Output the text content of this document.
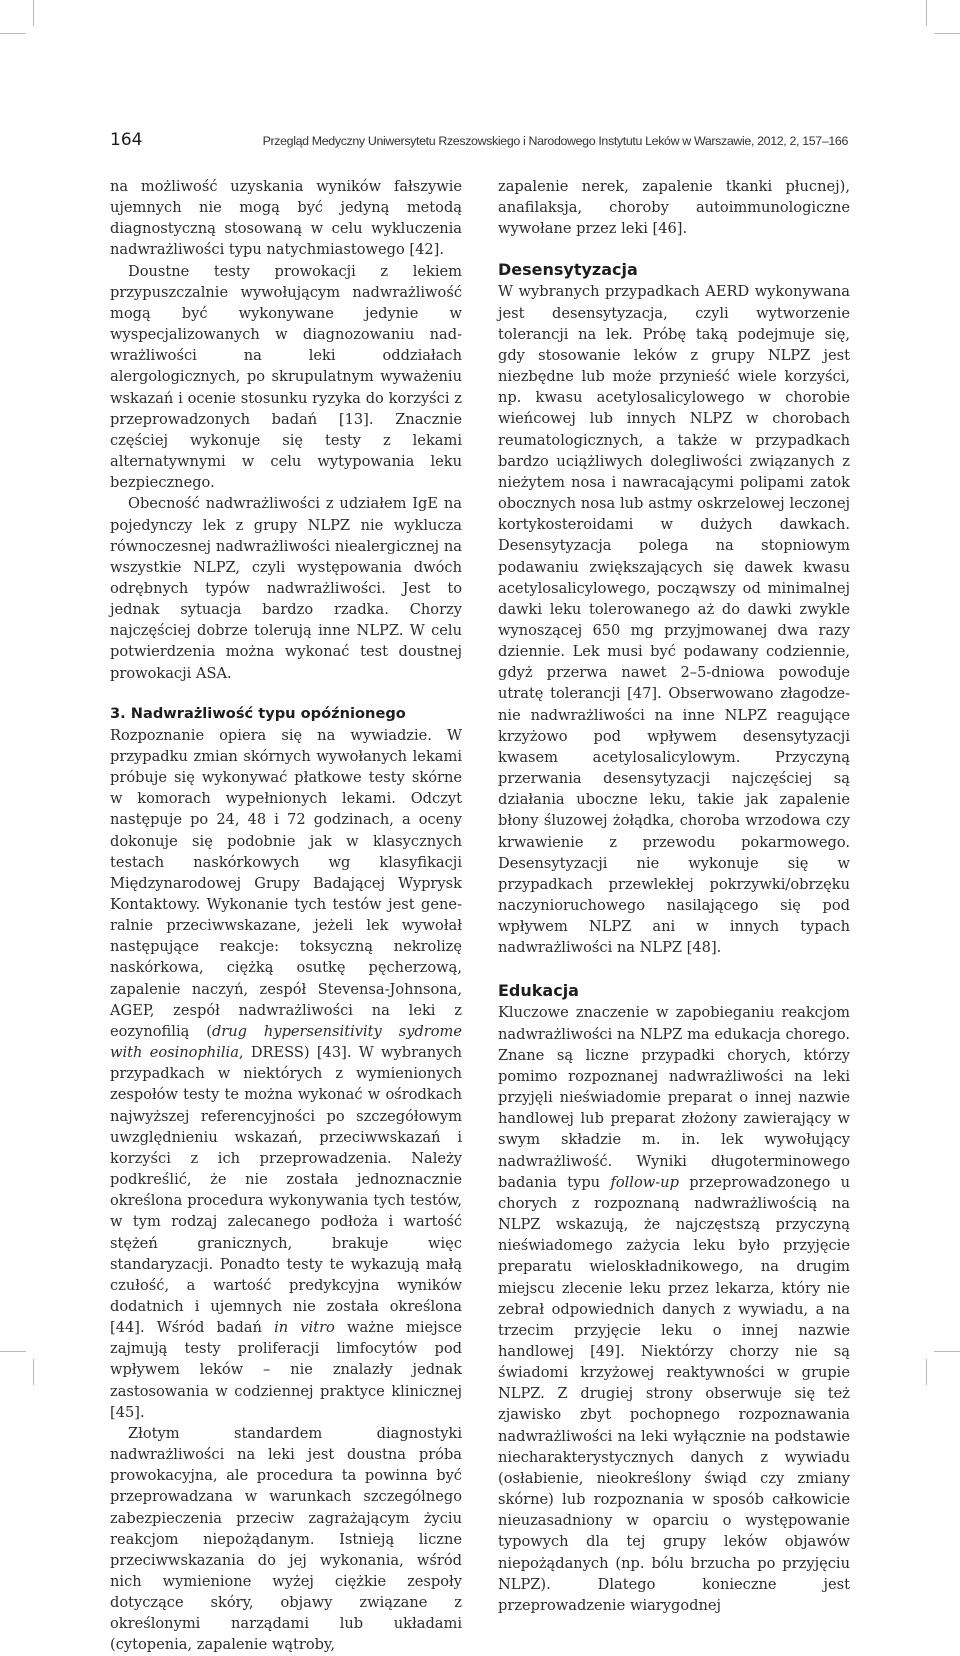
164	Przegląd Medyczny Uniwersytetu Rzeszowskiego i Narodowego Instytutu Leków w Warszawie, 2012, 2, 157–166

na możliwość uzyskania wyników fałszywie ujemnych nie mogą być jedyną metodą diagnostyczną stosowaną w celu wykluczenia nadwrażliwości typu natychmiastowego [42].

Doustne testy prowokacji z lekiem przypuszczalnie wywołującym nadwrażliwość mogą być wykonywane jedynie w wyspecjalizowanych w diagnozowaniu nadwrażliwości na leki oddziałach alergologicznych, po skrupulatnym wyważeniu wskazań i ocenie stosunku ryzyka do korzyści z przeprowadzonych badań [13]. Znacznie częściej wykonuje się testy z lekami alternatywnymi w celu wytypowania leku bezpiecznego.

Obecność nadwrażliwości z udziałem IgE na pojedynczy lek z grupy NLPZ nie wyklucza równoczesnej nadwrażliwości niealergicznej na wszystkie NLPZ, czyli występowania dwóch odrębnych typów nadwrażliwości. Jest to jednak sytuacja bardzo rzadka. Chorzy najczęściej dobrze tolerują inne NLPZ. W celu potwierdzenia można wykonać test doustnej prowokacji ASA.

3. Nadwrażliwość typu opóźnionego

Rozpoznanie opiera się na wywiadzie. W przypadku zmian skórnych wywołanych lekami próbuje się wykonywać płatkowe testy skórne w komorach wypełnionych lekami. Odczyt następuje po 24, 48 i 72 godzinach, a oceny dokonuje się podobnie jak w klasycznych testach naskórkowych wg klasyfikacji Międzynarodowej Grupy Badającej Wyprysk Kontaktowy. Wykonanie tych testów jest generalnie przeciwwskazane, jeżeli lek wywołał następujące reakcje: toksyczną nekrolizę naskórkowa, ciężką osutkę pęcherzową, zapalenie naczyń, zespół Stevensa-Johnsona, AGEP, zespół nadwrażliwości na leki z eozynofilią (drug hypersensitivity sydrome with eosinophilia, DRESS) [43]. W wybranych przypadkach w niektórych z wymienionych zespołów testy te można wykonać w ośrodkach najwyższej referencyjności po szczegółowym uwzględnieniu wskazań, przeciwwskazań i korzyści z ich przeprowadzenia. Należy podkreślić, że nie została jednoznacznie określona procedura wykonywania tych testów, w tym rodzaj zalecanego podłoża i wartość stężeń granicznych, brakuje więc standaryzacji. Ponadto testy te wykazują małą czułość, a wartość predykcyjna wyników dodatnich i ujemnych nie została określona [44]. Wśród badań in vitro ważne miejsce zajmują testy proliferacji limfocytów pod wpływem leków – nie znalazły jednak zastosowania w codziennej praktyce klinicznej [45].

Złotym standardem diagnostyki nadwrażliwości na leki jest doustna próba prowokacyjna, ale procedura ta powinna być przeprowadzana w warunkach szczególnego zabezpieczenia przeciw zagrażającym życiu reakcjom niepożądanym. Istnieją liczne przeciwwskazania do jej wykonania, wśród nich wymienione wyżej ciężkie zespoły dotyczące skóry, objawy związane z określonymi narządami lub układami (cytopenia, zapalenie wątroby,

zapalenie nerek, zapalenie tkanki płucnej), anafilaksja, choroby autoimmunologiczne wywołane przez leki [46].

Desensytyzacja

W wybranych przypadkach AERD wykonywana jest desensytyzacja, czyli wytworzenie tolerancji na lek. Próbę taką podejmuje się, gdy stosowanie leków z grupy NLPZ jest niezbędne lub może przynieść wiele korzyści, np. kwasu acetylosalicylowego w chorobie wieńcowej lub innych NLPZ w chorobach reumatologicznych, a także w przypadkach bardzo uciążliwych dolegliwości związanych z nieżytem nosa i nawracającymi polipami zatok obocznych nosa lub astmy oskrzelowej leczonej kortykosteroidami w dużych dawkach. Desensytyzacja polega na stopniowym podawaniu zwiększających się dawek kwasu acetylosalicylowego, począwszy od minimalnej dawki leku tolerowanego aż do dawki zwykle wynoszącej 650 mg przyjmowanej dwa razy dziennie. Lek musi być podawany codziennie, gdyż przerwa nawet 2–5-dniowa powoduje utratę tolerancji [47]. Obserwowano złagodzenie nadwrażliwości na inne NLPZ reagujące krzyżowo pod wpływem desensytyzacji kwasem acetylosalicylowym. Przyczyną przerwania desensytyzacji najczęściej są działania uboczne leku, takie jak zapalenie błony śluzowej żołądka, choroba wrzodowa czy krwawienie z przewodu pokarmowego. Desensytyzacji nie wykonuje się w przypadkach przewlekłej pokrzywki/obrzęku naczynioruchowego nasilającego się pod wpływem NLPZ ani w innych typach nadwrażliwości na NLPZ [48].

Edukacja

Kluczowe znaczenie w zapobieganiu reakcjom nadwrażliwości na NLPZ ma edukacja chorego. Znane są liczne przypadki chorych, którzy pomimo rozpoznanej nadwrażliwości na leki przyjęli nieświadomie preparat o innej nazwie handlowej lub preparat złożony zawierający w swym składzie m. in. lek wywołujący nadwrażliwość. Wyniki długoterminowego badania typu follow-up przeprowadzonego u chorych z rozpoznaną nadwrażliwością na NLPZ wskazują, że najczęstszą przyczyną nieświadomego zażycia leku było przyjęcie preparatu wieloskładnikowego, na drugim miejscu zlecenie leku przez lekarza, który nie zebrał odpowiednich danych z wywiadu, a na trzecim przyjęcie leku o innej nazwie handlowej [49]. Niektórzy chorzy nie są świadomi krzyżowej reaktywności w grupie NLPZ. Z drugiej strony obserwuje się też zjawisko zbyt pochopnego rozpoznawania nadwrażliwości na leki wyłącznie na podstawie niecharakterystycznych danych z wywiadu (osłabienie, nieokreślony świąd czy zmiany skórne) lub rozpoznania w sposób całkowicie nieuzasadniony w oparciu o występowanie typowych dla tej grupy leków objawów niepożądanych (np. bólu brzucha po przyjęciu NLPZ). Dlatego konieczne jest przeprowadzenie wiarygodnej
